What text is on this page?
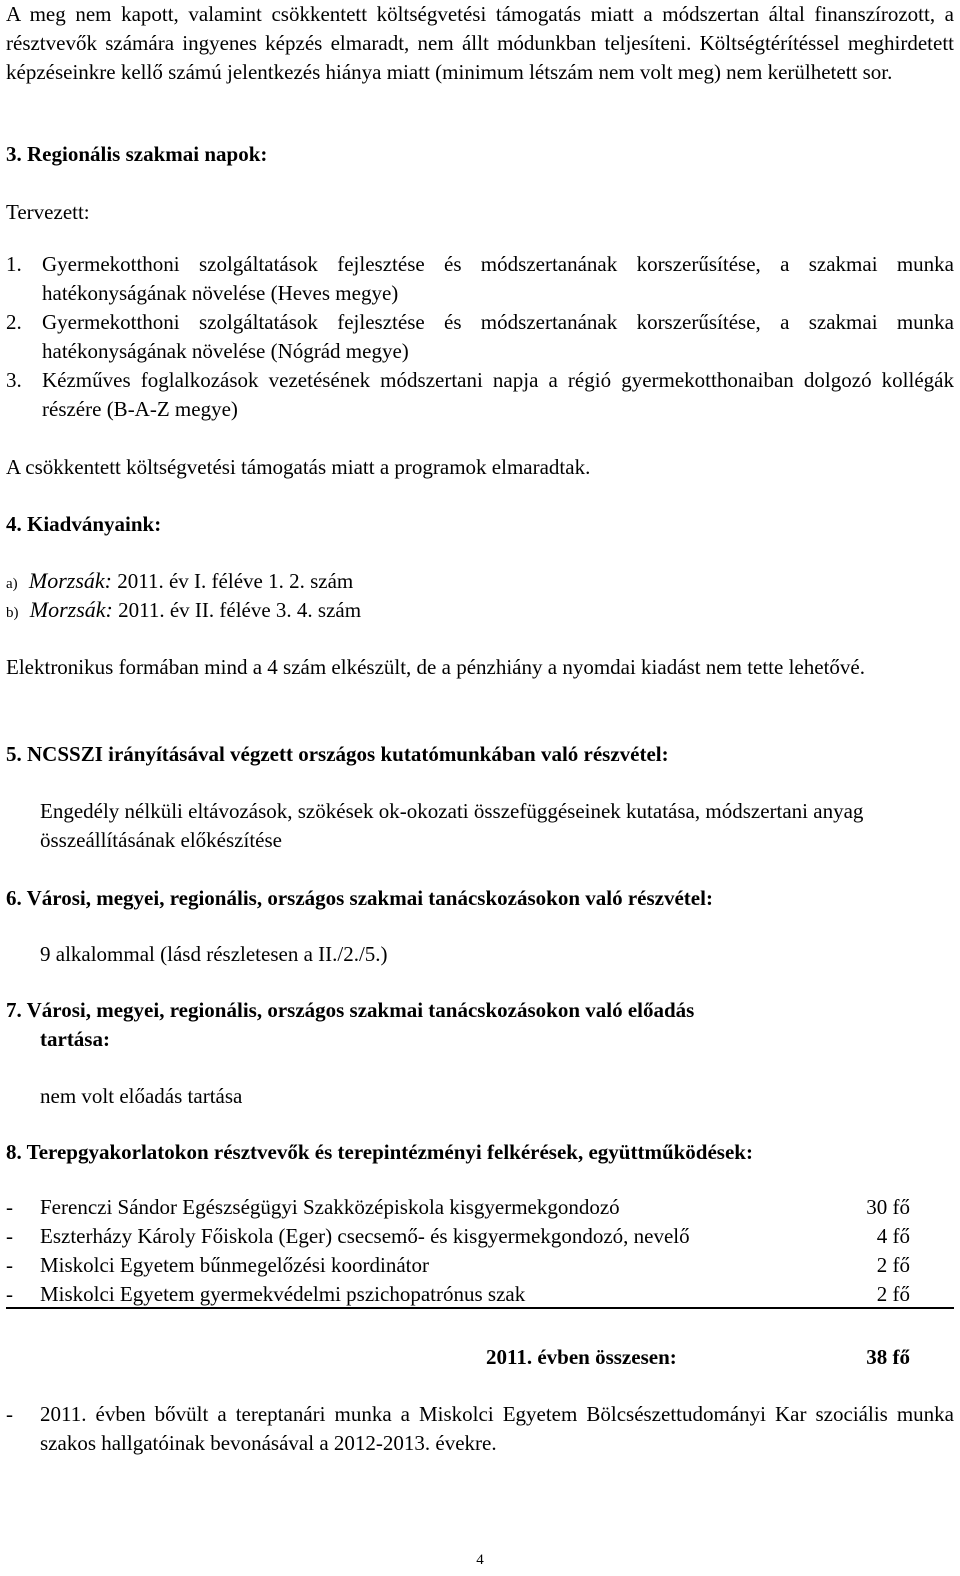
A meg nem kapott, valamint csökkentett költségvetési támogatás miatt a módszertan által finanszírozott, a résztvevők számára ingyenes képzés elmaradt, nem állt módunkban teljesíteni. Költségtérítéssel meghirdetett képzéseinkre kellő számú jelentkezés hiánya miatt (minimum létszám nem volt meg) nem kerülhetett sor.
3. Regionális szakmai napok:
Tervezett:
1. Gyermekotthoni szolgáltatások fejlesztése és módszertanának korszerűsítése, a szakmai munka hatékonyságának növelése (Heves megye)
2. Gyermekotthoni szolgáltatások fejlesztése és módszertanának korszerűsítése, a szakmai munka hatékonyságának növelése (Nógrád megye)
3. Kézműves foglalkozások vezetésének módszertani napja a régió gyermekotthonaiban dolgozó kollégák részére (B-A-Z megye)
A csökkentett költségvetési támogatás miatt a programok elmaradtak.
4. Kiadványaink:
a) Morzsák: 2011. év I. féléve 1. 2. szám
b) Morzsák: 2011. év II. féléve 3. 4. szám
Elektronikus formában mind a 4 szám elkészült, de a pénzhiány a nyomdai kiadást nem tette lehetővé.
5. NCSSZI irányításával végzett országos kutatómunkában való részvétel:
Engedély nélküli eltávozások, szökések ok-okozati összefüggéseinek kutatása, módszertani anyag összeállításának előkészítése
6. Városi, megyei, regionális, országos szakmai tanácskozásokon való részvétel:
9 alkalommal (lásd részletesen a II./2./5.)
7. Városi, megyei, regionális, országos szakmai tanácskozásokon való előadás
tartása:
nem volt előadás tartása
8. Terepgyakorlatokon résztvevők és terepintézményi felkérések, együttműködések:
- Ferenczi Sándor Egészségügyi Szakközépiskola kisgyermekgondozó	30 fő
- Eszterházy Károly Főiskola (Eger) csecsemő- és kisgyermekgondozó, nevelő	4 fő
- Miskolci Egyetem bűnmegelőzési koordinátor	2 fő
- Miskolci Egyetem gyermekvédelmi pszichopatrónus szak	2 fő
2011. évben összesen:	38 fő
- 2011. évben bővült a tereptanári munka a Miskolci Egyetem Bölcsészettudományi Kar szociális munka szakos hallgatóinak bevonásával a 2012-2013. évekre.
4
